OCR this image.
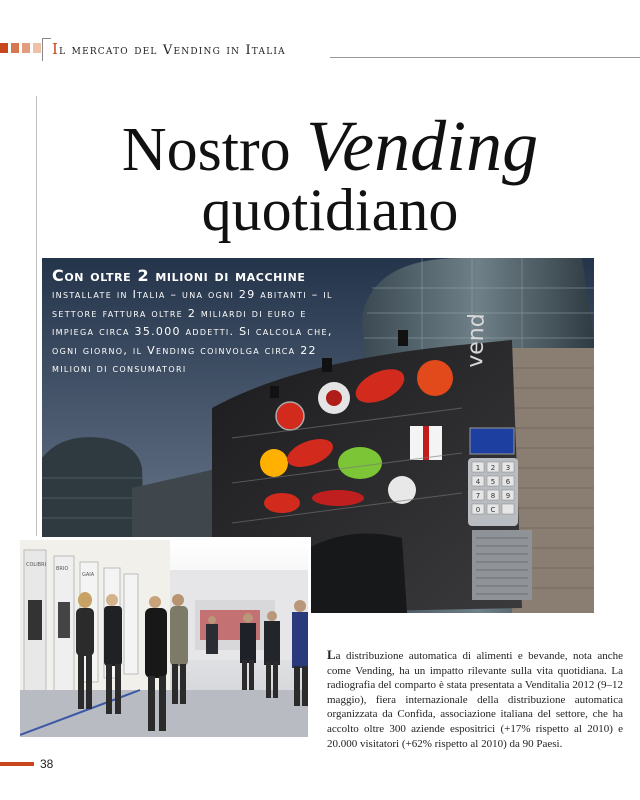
Il mercato del Vending in Italia
Nostro Vending
quotidiano
vend
1 2 3
4 5 6
7 8 9
0 C
Con oltre 2 milioni di macchine
installate in Italia – una ogni 29 abitanti – il settore fattura oltre 2 miliardi di euro e impiega circa 35.000 addetti. Si calcola che, ogni giorno, il Vending coinvolga circa 22 milioni di consumatori
COLIBRI
BRIO
GAIA
La distribuzione automatica di alimenti e bevande, nota anche come Vending, ha un impatto rilevante sulla vita quotidiana. La radiografia del comparto è stata presentata a Venditalia 2012 (9–12 maggio), fiera internazionale della distribuzione automatica organizzata da Confida, associazione italiana del settore, che ha accolto oltre 300 aziende espositrici (+17% rispetto al 2010) e 20.000 visitatori (+62% rispetto al 2010) da 90 Paesi.
38
